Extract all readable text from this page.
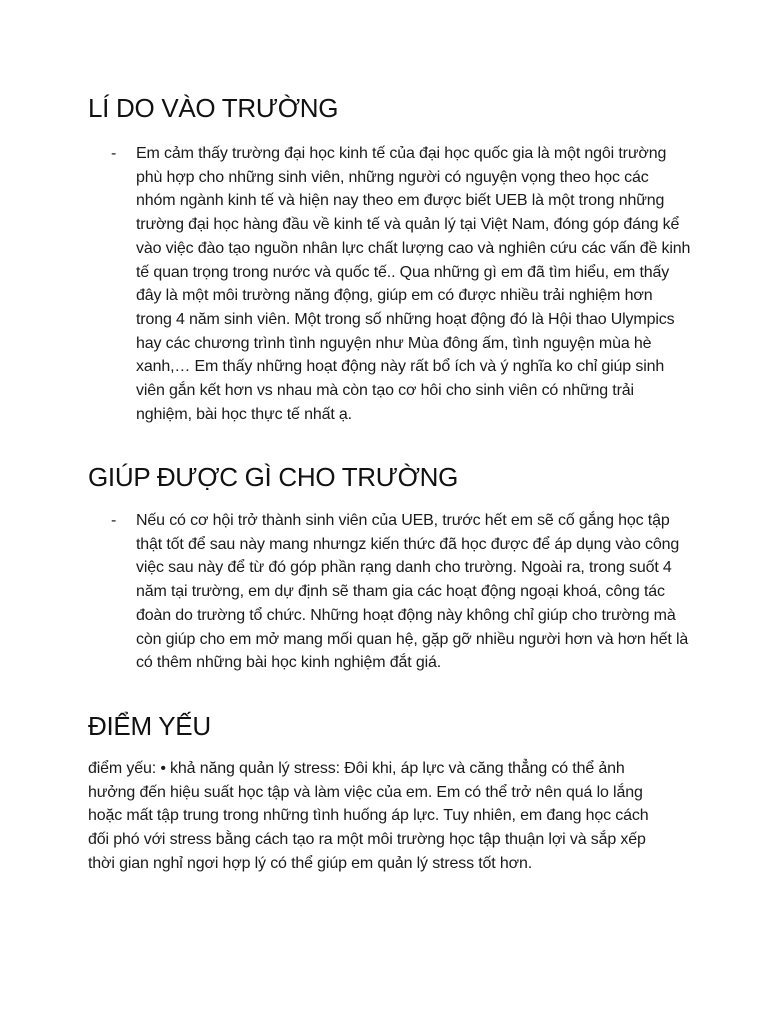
LÍ DO VÀO TRƯỜNG
- Em cảm thấy trường đại học kinh tế của đại học quốc gia là một ngôi trường phù hợp cho những sinh viên, những người có nguyện vọng theo học các nhóm ngành kinh tế và hiện nay theo em được biết UEB là một trong những trường đại học hàng đầu về kinh tế và quản lý tại Việt Nam, đóng góp đáng kể vào việc đào tạo nguồn nhân lực chất lượng cao và nghiên cứu các vấn đề kinh tế quan trọng trong nước và quốc tế.. Qua những gì em đã tìm hiểu, em thấy đây là một môi trường năng động, giúp em có được nhiều trải nghiệm hơn trong 4 năm sinh viên. Một trong số những hoạt động đó là Hội thao Ulympics hay các chương trình tình nguyện như Mùa đông ấm, tình nguyện mùa hè xanh,… Em thấy những hoạt động này rất bổ ích và ý nghĩa ko chỉ giúp sinh viên gắn kết hơn vs nhau mà còn tạo cơ hôi cho sinh viên có những trải nghiệm, bài học thực tế nhất ạ.
GIÚP ĐƯỢC GÌ CHO TRƯỜNG
- Nếu có cơ hội trở thành sinh viên của UEB, trước hết em sẽ cố gắng học tập thật tốt để sau này mang nhưngz kiến thức đã học được để áp dụng vào công việc sau này để từ đó góp phần rạng danh cho trường. Ngoài ra, trong suốt 4 năm tại trường, em dự định sẽ tham gia các hoạt động ngoại khoá, công tác đoàn do trường tổ chức. Những hoạt động này không chỉ giúp cho trường mà còn giúp cho em mở mang mối quan hệ, gặp gỡ nhiều người hơn và hơn hết là có thêm những bài học kinh nghiệm đắt giá.
ĐIỂM YẾU

điểm yếu: • khả năng quản lý stress: Đôi khi, áp lực và căng thẳng có thể ảnh hưởng đến hiệu suất học tập và làm việc của em. Em có thể trở nên quá lo lắng hoặc mất tập trung trong những tình huống áp lực. Tuy nhiên, em đang học cách đối phó với stress bằng cách tạo ra một môi trường học tập thuận lợi và sắp xếp thời gian nghỉ ngơi hợp lý có thể giúp em quản lý stress tốt hơn.
